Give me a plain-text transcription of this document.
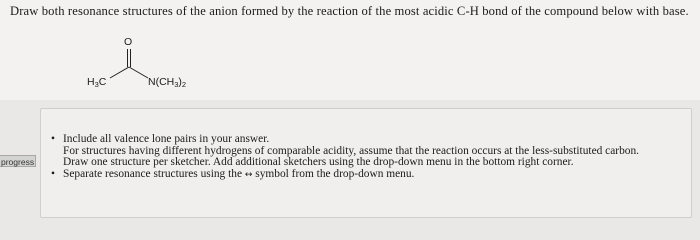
Draw both resonance structures of the anion formed by the reaction of the most acidic C-H bond of the compound below with base.
O
$H_3C$	$N(CH_3)_2$
progress
• Include all valence lone pairs in your answer.
For structures having different hydrogens of comparable acidity, assume that the reaction occurs at the less-substituted carbon.
Draw one structure per sketcher. Add additional sketchers using the drop-down menu in the bottom right corner.
• Separate resonance structures using the ↔ symbol from the drop-down menu.
